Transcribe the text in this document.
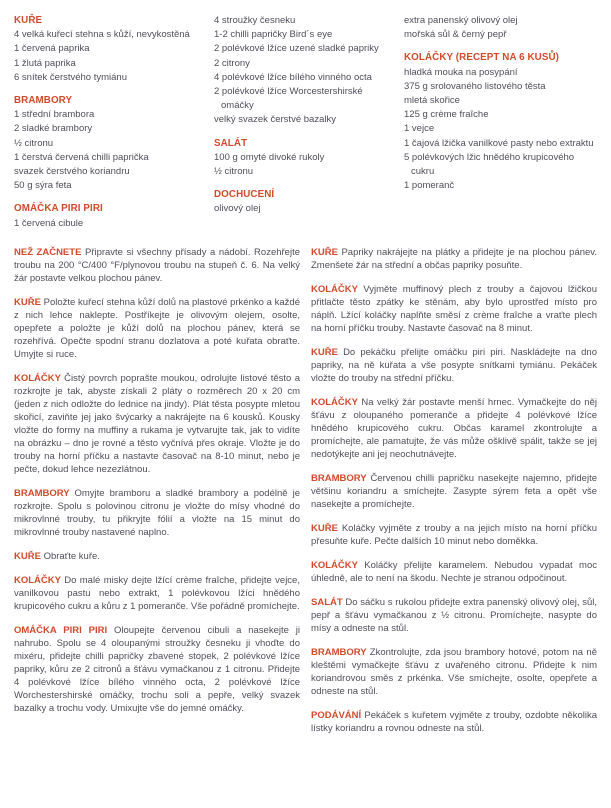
KUŘE
4 velká kuřecí stehna s kůží, nevykostěná
1 červená paprika
1 žlutá paprika
6 snítek čerstvého tymiánu
BRAMBORY
1 střední brambora
2 sladké brambory
½ citronu
1 čerstvá červená chilli paprička
svazek čerstvého koriandru
50 g sýra feta
OMÁČKA PIRI PIRI
1 červená cibule
4 stroužky česneku
1-2 chilli papričky Bird´s eye
2 polévkové lžíce uzené sladké papriky
2 citrony
4 polévkové lžíce bílého vinného octa
2 polévkové lžíce Worcestershirské omáčky
velký svazek čerstvé bazalky
SALÁT
100 g omyté divoké rukoly
½ citronu
DOCHUCENÍ
olivový olej
extra panenský olivový olej
mořská sůl & černý pepř
KOLÁČKY (RECEPT NA 6 KUSŮ)
hladká mouka na posypání
375 g srolovaného listového těsta
mletá skořice
125 g crème fraîche
1 vejce
1 čajová lžička vanilkové pasty nebo extraktu
5 polévkových lžic hnědého krupicového cukru
1 pomeranč

NEŽ ZAČNETE Připravte si všechny přísady a nádobí. Rozehřejte troubu na 200 °C/400 °F/plynovou troubu na stupeň č. 6. Na velký žár postavte velkou plochou pánev.

KUŘE Položte kuřecí stehna kůží dolů na plastové prkénko a každé z nich lehce naklepte. Postříkejte je olivovým olejem, osolte, opepřete a položte je kůží dolů na plochou pánev, která se rozehřívá. Opečte spodní stranu dozlatova a poté kuřata obraťte. Umyjte si ruce.

KOLÁČKY Čistý povrch poprašte moukou, odrolujte listové těsto a rozkrojte je tak, abyste získali 2 pláty o rozměrech 20 x 20 cm (jeden z nich odložte do lednice na jindy). Plát těsta posypte mletou skořicí, zaviňte jej jako švýcarky a nakrájejte na 6 kousků. Kousky vložte do formy na muffiny a rukama je vytvarujte tak, jak to vidíte na obrázku – dno je rovné a těsto vyčnívá přes okraje. Vložte je do trouby na horní příčku a nastavte časovač na 8-10 minut, nebo je pečte, dokud lehce nezezlátnou.

BRAMBORY Omyjte bramboru a sladké brambory a podélně je rozkrojte. Spolu s polovinou citronu je vložte do mísy vhodné do mikrovlnné trouby, tu přikryjte fólií a vložte na 15 minut do mikrovlnné trouby nastavené naplno.

KUŘE Obraťte kuře.

KOLÁČKY Do malé misky dejte lžící crème fraîche, přidejte vejce, vanilkovou pastu nebo extrakt, 1 polévkovou lžíci hnědého krupicového cukru a kůru z 1 pomeranče. Vše pořádně promíchejte.

OMÁČKA PIRI PIRI Oloupejte červenou cibuli a nasekejte ji nahrubo. Spolu se 4 oloupanými stroužky česneku ji vhoďte do mixéru, přidejte chilli papričky zbavené stopek, 2 polévkové lžíce papriky, kůru ze 2 citronů a šťávu vymačkanou z 1 citronu. Přidejte 4 polévkové lžíce bílého vinného octa, 2 polévkové lžíce Worchestershirské omáčky, trochu soli a pepře, velký svazek bazalky a trochu vody. Umixujte vše do jemné omáčky.

KUŘE Papriky nakrájejte na plátky a přidejte je na plochou pánev. Zmenšete žár na střední a občas papriky posuňte.

KOLÁČKY Vyjměte muffinový plech z trouby a čajovou lžičkou přitlačte těsto zpátky ke stěnám, aby bylo uprostřed místo pro náplň. Lžící koláčky naplňte směsí z crème fraîche a vraťte plech na horní příčku trouby. Nastavte časovač na 8 minut.

KUŘE Do pekáčku přelijte omáčku piri piri. Naskládejte na dno papriky, na ně kuřata a vše posypte snítkami tymiánu. Pekáček vložte do trouby na střední příčku.

KOLÁČKY Na velký žár postavte menší hrnec. Vymačkejte do něj šťávu z oloupaného pomeranče a přidejte 4 polévkové lžíce hnědého krupicového cukru. Občas karamel zkontrolujte a promíchejte, ale pamatujte, že vás může ošklivě spálit, takže se jej nedotýkejte ani jej neochutnávejte.

BRAMBORY Červenou chilli papričku nasekejte najemno, přidejte většinu koriandru a smíchejte. Zasypte sýrem feta a opět vše nasekejte a promíchejte.

KUŘE Koláčky vyjměte z trouby a na jejich místo na horní příčku přesuňte kuře. Pečte dalších 10 minut nebo doměkka.

KOLÁČKY Koláčky přelijte karamelem. Nebudou vypadat moc úhledně, ale to není na škodu. Nechte je stranou odpočinout.

SALÁT Do sáčku s rukolou přidejte extra panenský olivový olej, sůl, pepř a šťávu vymačkanou z ½ citronu. Promíchejte, nasypte do mísy a odneste na stůl.

BRAMBORY Zkontrolujte, zda jsou brambory hotové, potom na ně kleštěmi vymačkejte šťávu z uvařeného citronu. Přidejte k nim koriandrovou směs z prkénka. Vše smíchejte, osolte, opepřete a odneste na stůl.

PODÁVÁNÍ Pekáček s kuřetem vyjměte z trouby, ozdobte několika lístky koriandru a rovnou odneste na stůl.
